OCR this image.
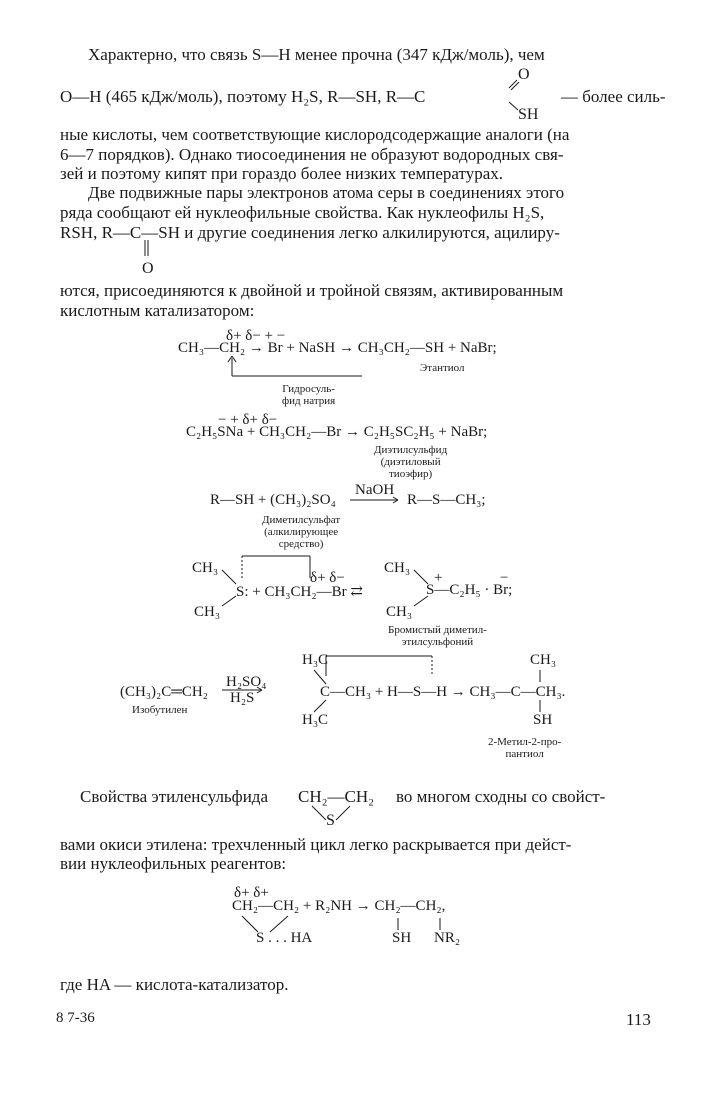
Характерно, что связь S—H менее прочна (347 кДж/моль), чем
O
O—H (465 кДж/моль), поэтому H₂S, R—SH, R—C	— более силь-
SH
ные кислоты, чем соответствующие кислородсодержащие аналоги (на
6—7 порядков). Однако тиосоединения не образуют водородных свя-
зей и поэтому кипят при гораздо более низких температурах.
Две подвижные пары электронов атома серы в соединениях этого
ряда сообщают ей нуклеофильные свойства. Как нуклеофилы H₂S,
RSH, R—C—SH и другие соединения легко алкилируются, ацилиру-
O
ются, присоединяются к двойной и тройной связям, активированным
кислотным катализатором:
δ+ δ− + −
CH₃—CH₂ → Br + NaSH → CH₃CH₂—SH + NaBr;
Этантиол
Гидросуль-
фид натрия
− + δ+ δ−
C₂H₅SNa + CH₃CH₂—Br → C₂H₅SC₂H₅ + NaBr;
Диэтилсульфид
(диэтиловый
тиоэфир)
NaOH
R—SH + (CH₃)₂SO₄	R—S—CH₃;
Диметилсульфат
(алкилирующее
средство)
CH₃
δ+ δ−
S: + CH₃CH₂—Br ⇄
CH₃
CH₃
+	−
S—C₂H₅ · Br;
CH₃
Бромистый диметил-
этилсульфоний
H₃C	CH₃
H₂SO₄
(CH₃)₂C═CH₂ H₂S	C—CH₃ + H—S—H → CH₃—C—CH₃.
Изобутилен
H₃C	SH
2-Метил-2-про-
пантиол
Свойства этиленсульфида CH₂—CH₂ во многом сходны со свойст-
S
вами окиси этилена: трехчленный цикл легко раскрывается при дейст-
вии нуклеофильных реагентов:
δ+ δ+
CH₂—CH₂ + R₂NH → CH₂—CH₂,
S . . . HA	SH NR₂
где HA — кислота-катализатор.
8 7-36	113
